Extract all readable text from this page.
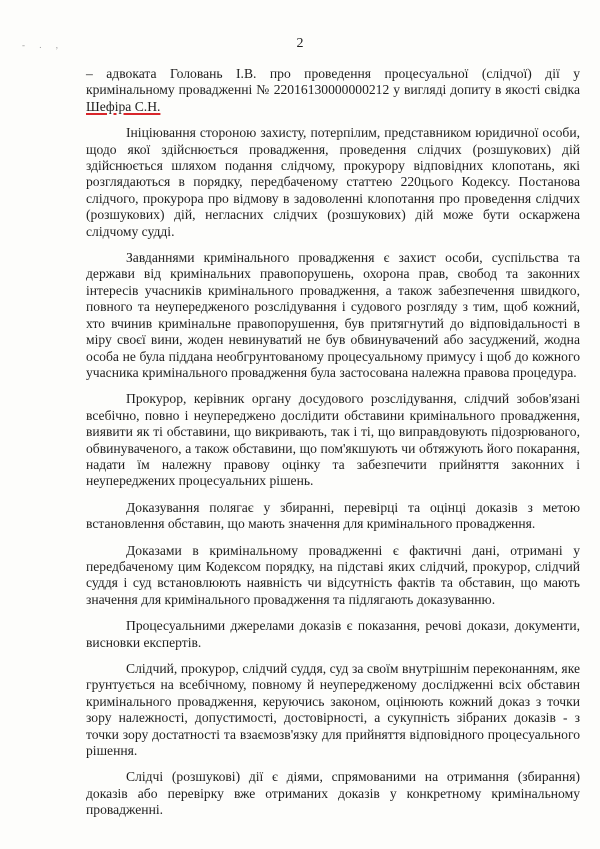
- . ,	2

– адвоката Головань І.В. про проведення процесуальної (слідчої) дії у кримінальному провадженні № 22016130000000212 у вигляді допиту в якості свідка Шефіра С.Н.

Ініціювання стороною захисту, потерпілим, представником юридичної особи, щодо якої здійснюється провадження, проведення слідчих (розшукових) дій здійснюється шляхом подання слідчому, прокурору відповідних клопотань, які розглядаються в порядку, передбаченому статтею 220цього Кодексу. Постанова слідчого, прокурора про відмову в задоволенні клопотання про проведення слідчих (розшукових) дій, негласних слідчих (розшукових) дій може бути оскаржена слідчому судді.

Завданнями кримінального провадження є захист особи, суспільства та держави від кримінальних правопорушень, охорона прав, свобод та законних інтересів учасників кримінального провадження, а також забезпечення швидкого, повного та неупередженого розслідування і судового розгляду з тим, щоб кожний, хто вчинив кримінальне правопорушення, був притягнутий до відповідальності в міру своєї вини, жоден невинуватий не був обвинувачений або засуджений, жодна особа не була піддана необгрунтованому процесуальному примусу і щоб до кожного учасника кримінального провадження була застосована належна правова процедура.

Прокурор, керівник органу досудового розслідування, слідчий зобов'язані всебічно, повно і неупереджено дослідити обставини кримінального провадження, виявити як ті обставини, що викривають, так і ті, що виправдовують підозрюваного, обвинуваченого, а також обставини, що пом'якшують чи обтяжують його покарання, надати їм належну правову оцінку та забезпечити прийняття законних і неупереджених процесуальних рішень.

Доказування полягає у збиранні, перевірці та оцінці доказів з метою встановлення обставин, що мають значення для кримінального провадження.

Доказами в кримінальному провадженні є фактичні дані, отримані у передбаченому цим Кодексом порядку, на підставі яких слідчий, прокурор, слідчий суддя і суд встановлюють наявність чи відсутність фактів та обставин, що мають значення для кримінального провадження та підлягають доказуванню.

Процесуальними джерелами доказів є показання, речові докази, документи, висновки експертів.

Слідчий, прокурор, слідчий суддя, суд за своїм внутрішнім переконанням, яке грунтується на всебічному, повному й неупередженому дослідженні всіх обставин кримінального провадження, керуючись законом, оцінюють кожний доказ з точки зору належності, допустимості, достовірності, а сукупність зібраних доказів - з точки зору достатності та взаємозв'язку для прийняття відповідного процесуального рішення.

Слідчі (розшукові) дії є діями, спрямованими на отримання (збирання) доказів або перевірку вже отриманих доказів у конкретному кримінальному провадженні.
